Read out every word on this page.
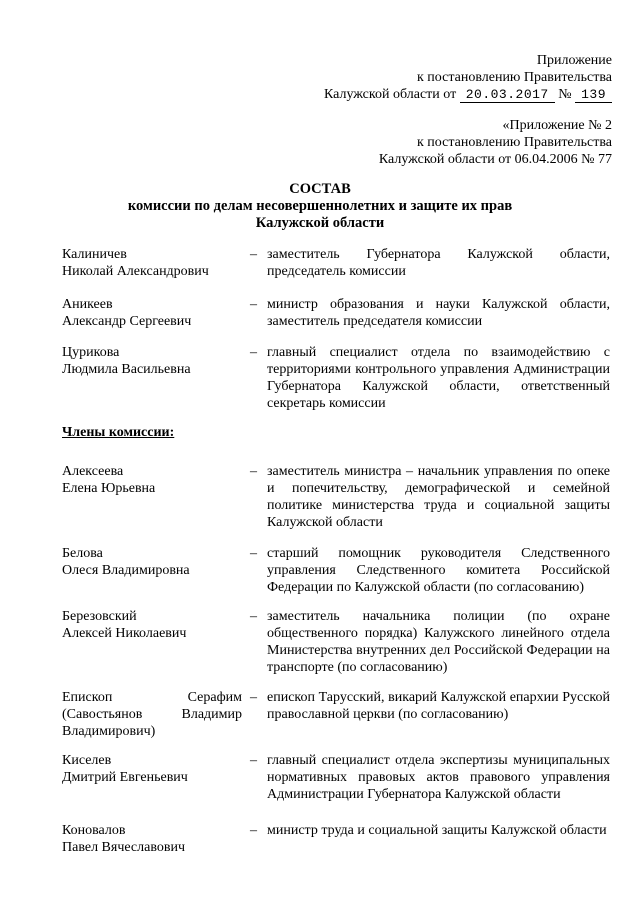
Приложение
к постановлению Правительства
Калужской области от 20.03.2017 № 139
«Приложение № 2
к постановлению Правительства
Калужской области от 06.04.2006 № 77
СОСТАВ
комиссии по делам несовершеннолетних и защите их прав
Калужской области
Калиничев
Николай Александрович
– заместитель Губернатора Калужской области, председатель комиссии
Аникеев
Александр Сергеевич
– министр образования и науки Калужской области, заместитель председателя комиссии
Цурикова
Людмила Васильевна
– главный специалист отдела по взаимодействию с территориями контрольного управления Администрации Губернатора Калужской области, ответственный секретарь комиссии
Члены комиссии:
Алексеева
Елена Юрьевна
– заместитель министра – начальник управления по опеке и попечительству, демографической и семейной политике министерства труда и социальной защиты Калужской области
Белова
Олеся Владимировна
– старший помощник руководителя Следственного управления Следственного комитета Российской Федерации по Калужской области (по согласованию)
Березовский
Алексей Николаевич
– заместитель начальника полиции (по охране общественного порядка) Калужского линейного отдела Министерства внутренних дел Российской Федерации на транспорте (по согласованию)
Епископ Серафим
(Савостьянов Владимир
Владимирович)
– епископ Тарусский, викарий Калужской епархии Русской православной церкви (по согласованию)
Киселев
Дмитрий Евгеньевич
– главный специалист отдела экспертизы муниципальных нормативных правовых актов правового управления Администрации Губернатора Калужской области
Коновалов
Павел Вячеславович
– министр труда и социальной защиты Калужской области
